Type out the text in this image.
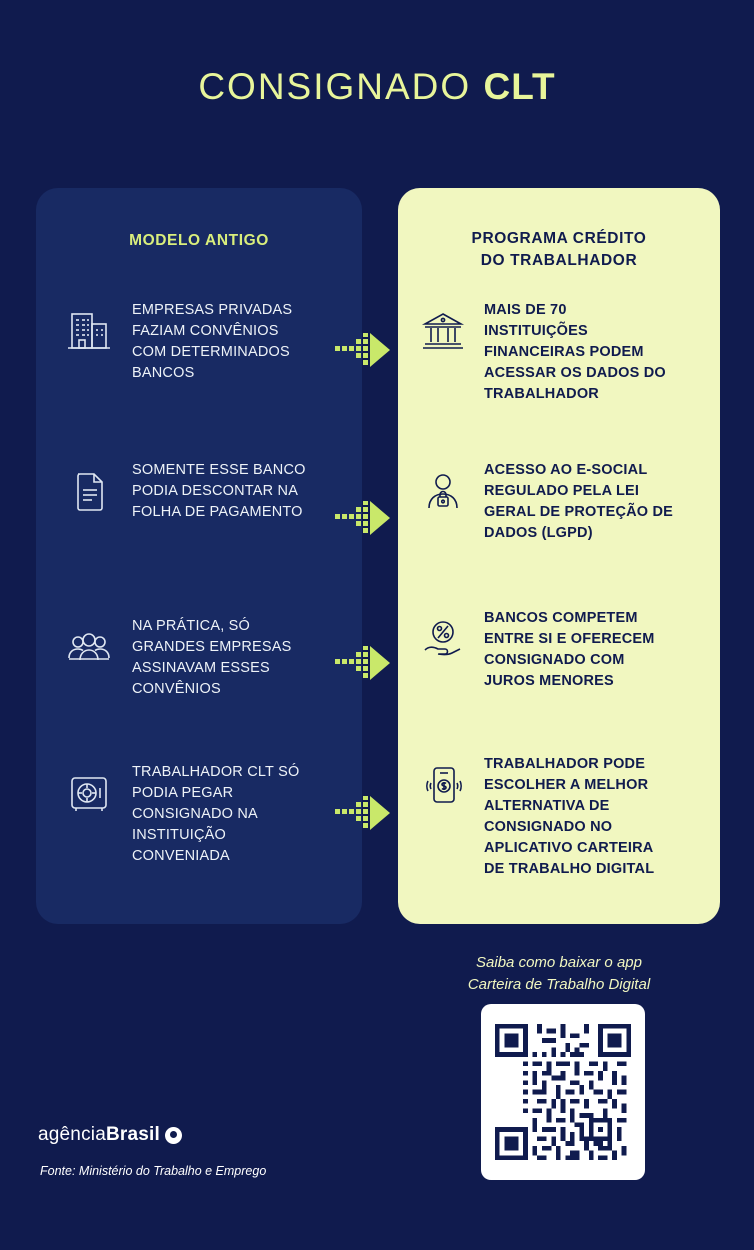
CONSIGNADO CLT
MODELO ANTIGO
EMPRESAS PRIVADAS FAZIAM CONVÊNIOS COM DETERMINADOS BANCOS
SOMENTE ESSE BANCO PODIA DESCONTAR NA FOLHA DE PAGAMENTO
NA PRÁTICA, SÓ GRANDES EMPRESAS ASSINAVAM ESSES CONVÊNIOS
TRABALHADOR CLT SÓ PODIA PEGAR CONSIGNADO NA INSTITUIÇÃO CONVENIADA
PROGRAMA CRÉDITO
DO TRABALHADOR
MAIS DE 70 INSTITUIÇÕES FINANCEIRAS PODEM ACESSAR OS DADOS DO TRABALHADOR
ACESSO AO E-SOCIAL REGULADO PELA LEI GERAL DE PROTEÇÃO DE DADOS (LGPD)
BANCOS COMPETEM ENTRE SI E OFERECEM CONSIGNADO COM JUROS MENORES
TRABALHADOR PODE ESCOLHER A MELHOR ALTERNATIVA DE CONSIGNADO NO APLICATIVO CARTEIRA DE TRABALHO DIGITAL
Saiba como baixar o app
Carteira de Trabalho Digital
agência Brasil
Fonte: Ministério do Trabalho e Emprego
